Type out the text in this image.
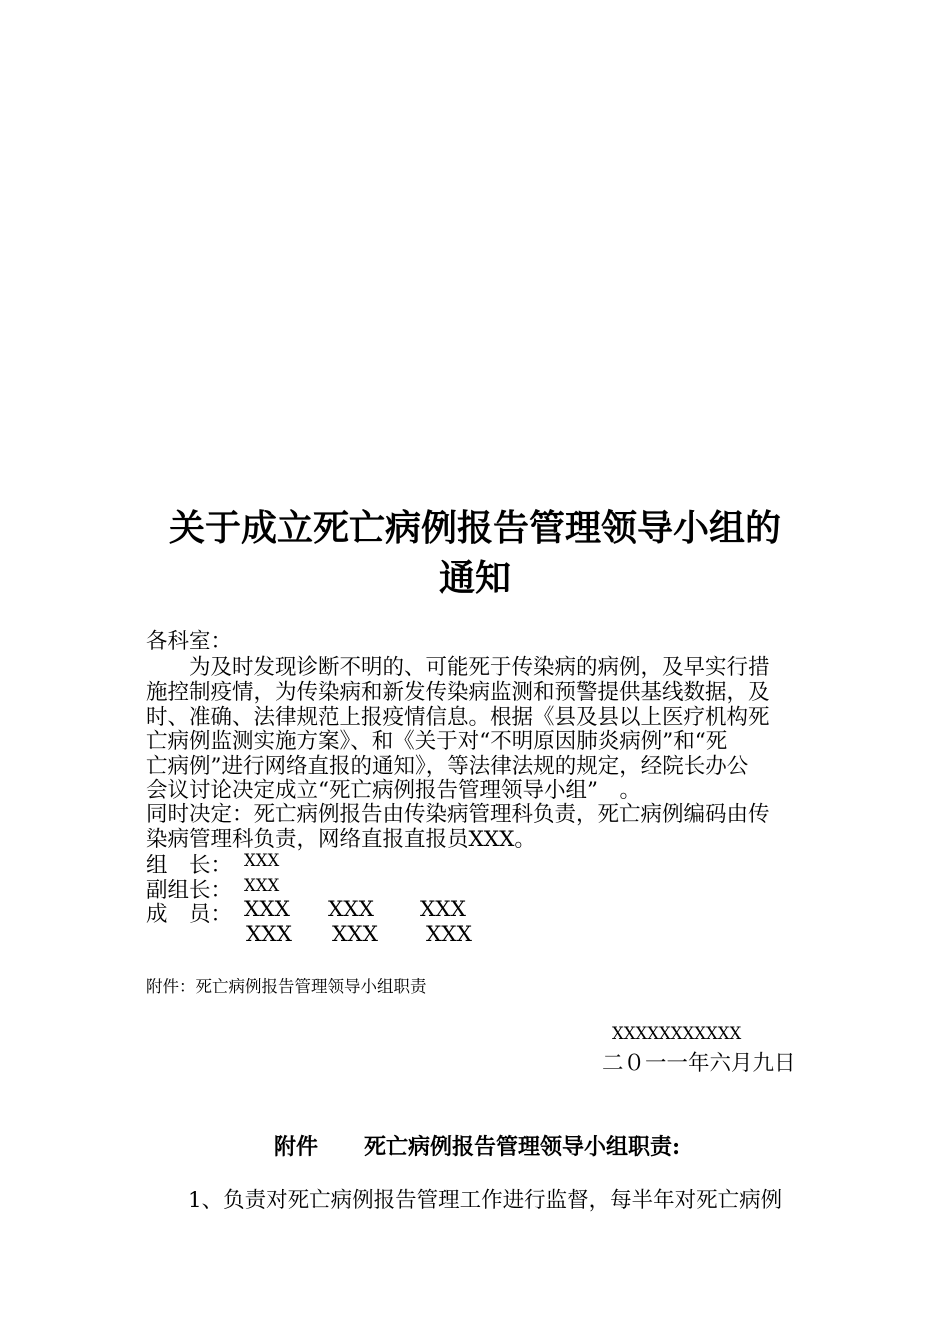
关于成立死亡病例报告管理领导小组的
通知
各科室：
　　为及时发现诊断不明的、可能死于传染病的病例，及早实行措
施控制疫情，为传染病和新发传染病监测和预警提供基线数据，及
时、准确、法律规范上报疫情信息。根据《县及县以上医疗机构死
亡病例监测实施方案》、和《关于对“不明原因肺炎病例”和“死
亡病例”进行网络直报的通知》，等法律法规的规定，经院长办公
会议讨论决定成立“死亡病例报告管理领导小组”　。
同时决定：死亡病例报告由传染病管理科负责，死亡病例编码由传
染病管理科负责，网络直报直报员XXX。
组　长： XXX
副组长： XXX
成　员： XXX XXX XXX
XXX XXX XXX
附件：死亡病例报告管理领导小组职责
XXXXXXXXXXX
二０一一年六月九日
附件 死亡病例报告管理领导小组职责:
1、负责对死亡病例报告管理工作进行监督，每半年对死亡病例
